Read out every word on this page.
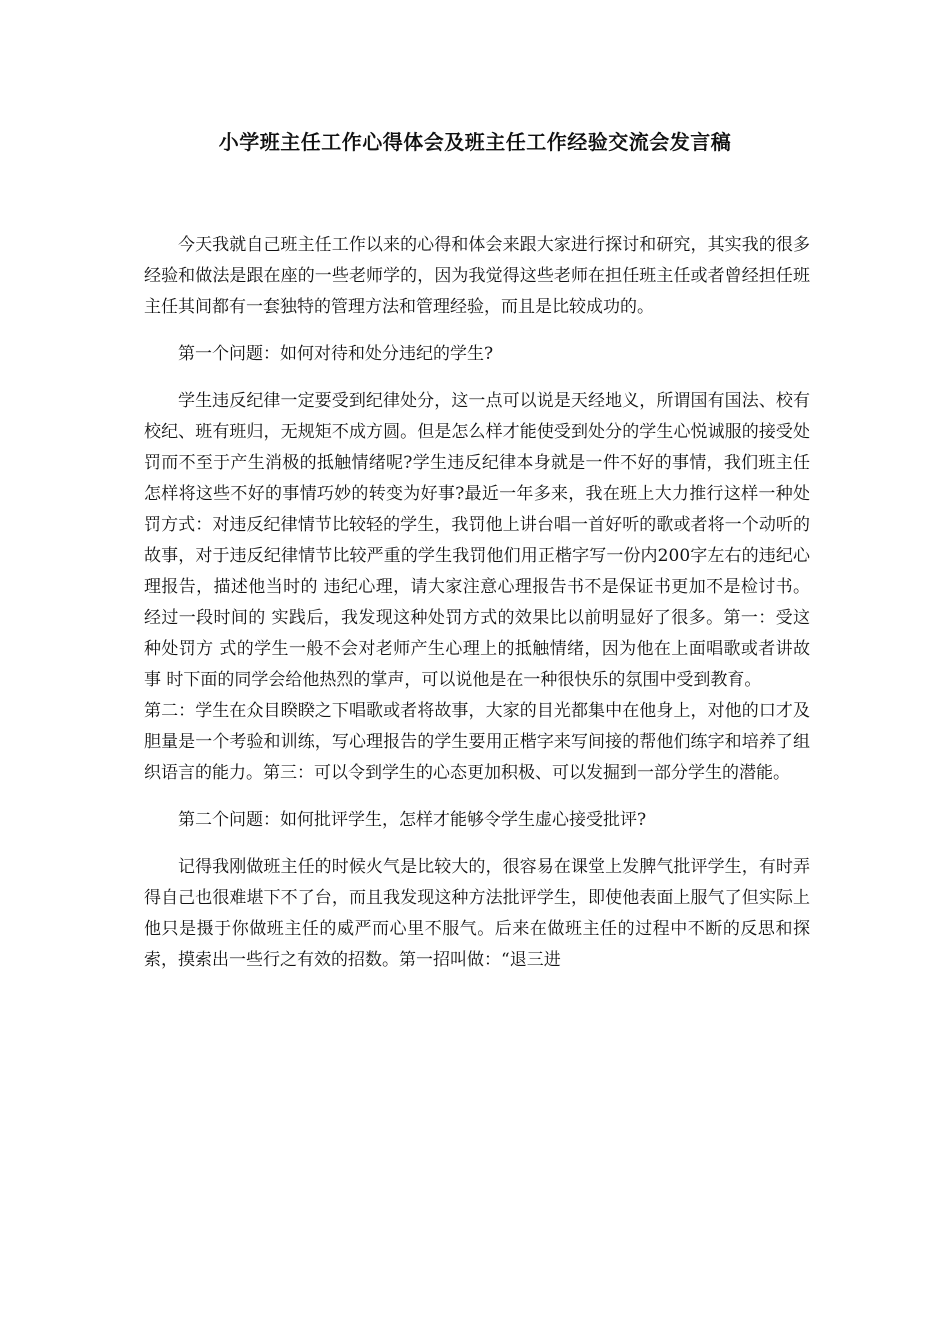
小学班主任工作心得体会及班主任工作经验交流会发言稿

今天我就自己班主任工作以来的心得和体会来跟大家进行探讨和研究，其实我的很多经验和做法是跟在座的一些老师学的，因为我觉得这些老师在担任班主任或者曾经担任班主任其间都有一套独特的管理方法和管理经验，而且是比较成功的。

第一个问题：如何对待和处分违纪的学生?

学生违反纪律一定要受到纪律处分，这一点可以说是天经地义，所谓国有国法、校有校纪、班有班归，无规矩不成方圆。但是怎么样才能使受到处分的学生心悦诚服的接受处罚而不至于产生消极的抵触情绪呢?学生违反纪律本身就是一件不好的事情，我们班主任怎样将这些不好的事情巧妙的转变为好事?最近一年多来，我在班上大力推行这样一种处罚方式：对违反纪律情节比较轻的学生，我罚他上讲台唱一首好听的歌或者将一个动听的故事，对于违反纪律情节比较严重的学生我罚他们用正楷字写一份内200字左右的违纪心理报告，描述他当时的 违纪心理，请大家注意心理报告书不是保证书更加不是检讨书。经过一段时间的 实践后，我发现这种处罚方式的效果比以前明显好了很多。第一：受这种处罚方 式的学生一般不会对老师产生心理上的抵触情绪，因为他在上面唱歌或者讲故事 时下面的同学会给他热烈的掌声，可以说他是在一种很快乐的氛围中受到教育。

第二：学生在众目睽睽之下唱歌或者将故事，大家的目光都集中在他身上，对他的口才及胆量是一个考验和训练，写心理报告的学生要用正楷字来写间接的帮他们练字和培养了组织语言的能力。第三：可以令到学生的心态更加积极、可以发掘到一部分学生的潜能。

第二个问题：如何批评学生，怎样才能够令学生虚心接受批评?

记得我刚做班主任的时候火气是比较大的，很容易在课堂上发脾气批评学生，有时弄得自己也很难堪下不了台，而且我发现这种方法批评学生，即使他表面上服气了但实际上他只是摄于你做班主任的威严而心里不服气。后来在做班主任的过程中不断的反思和探索，摸索出一些行之有效的招数。第一招叫做：“退三进
